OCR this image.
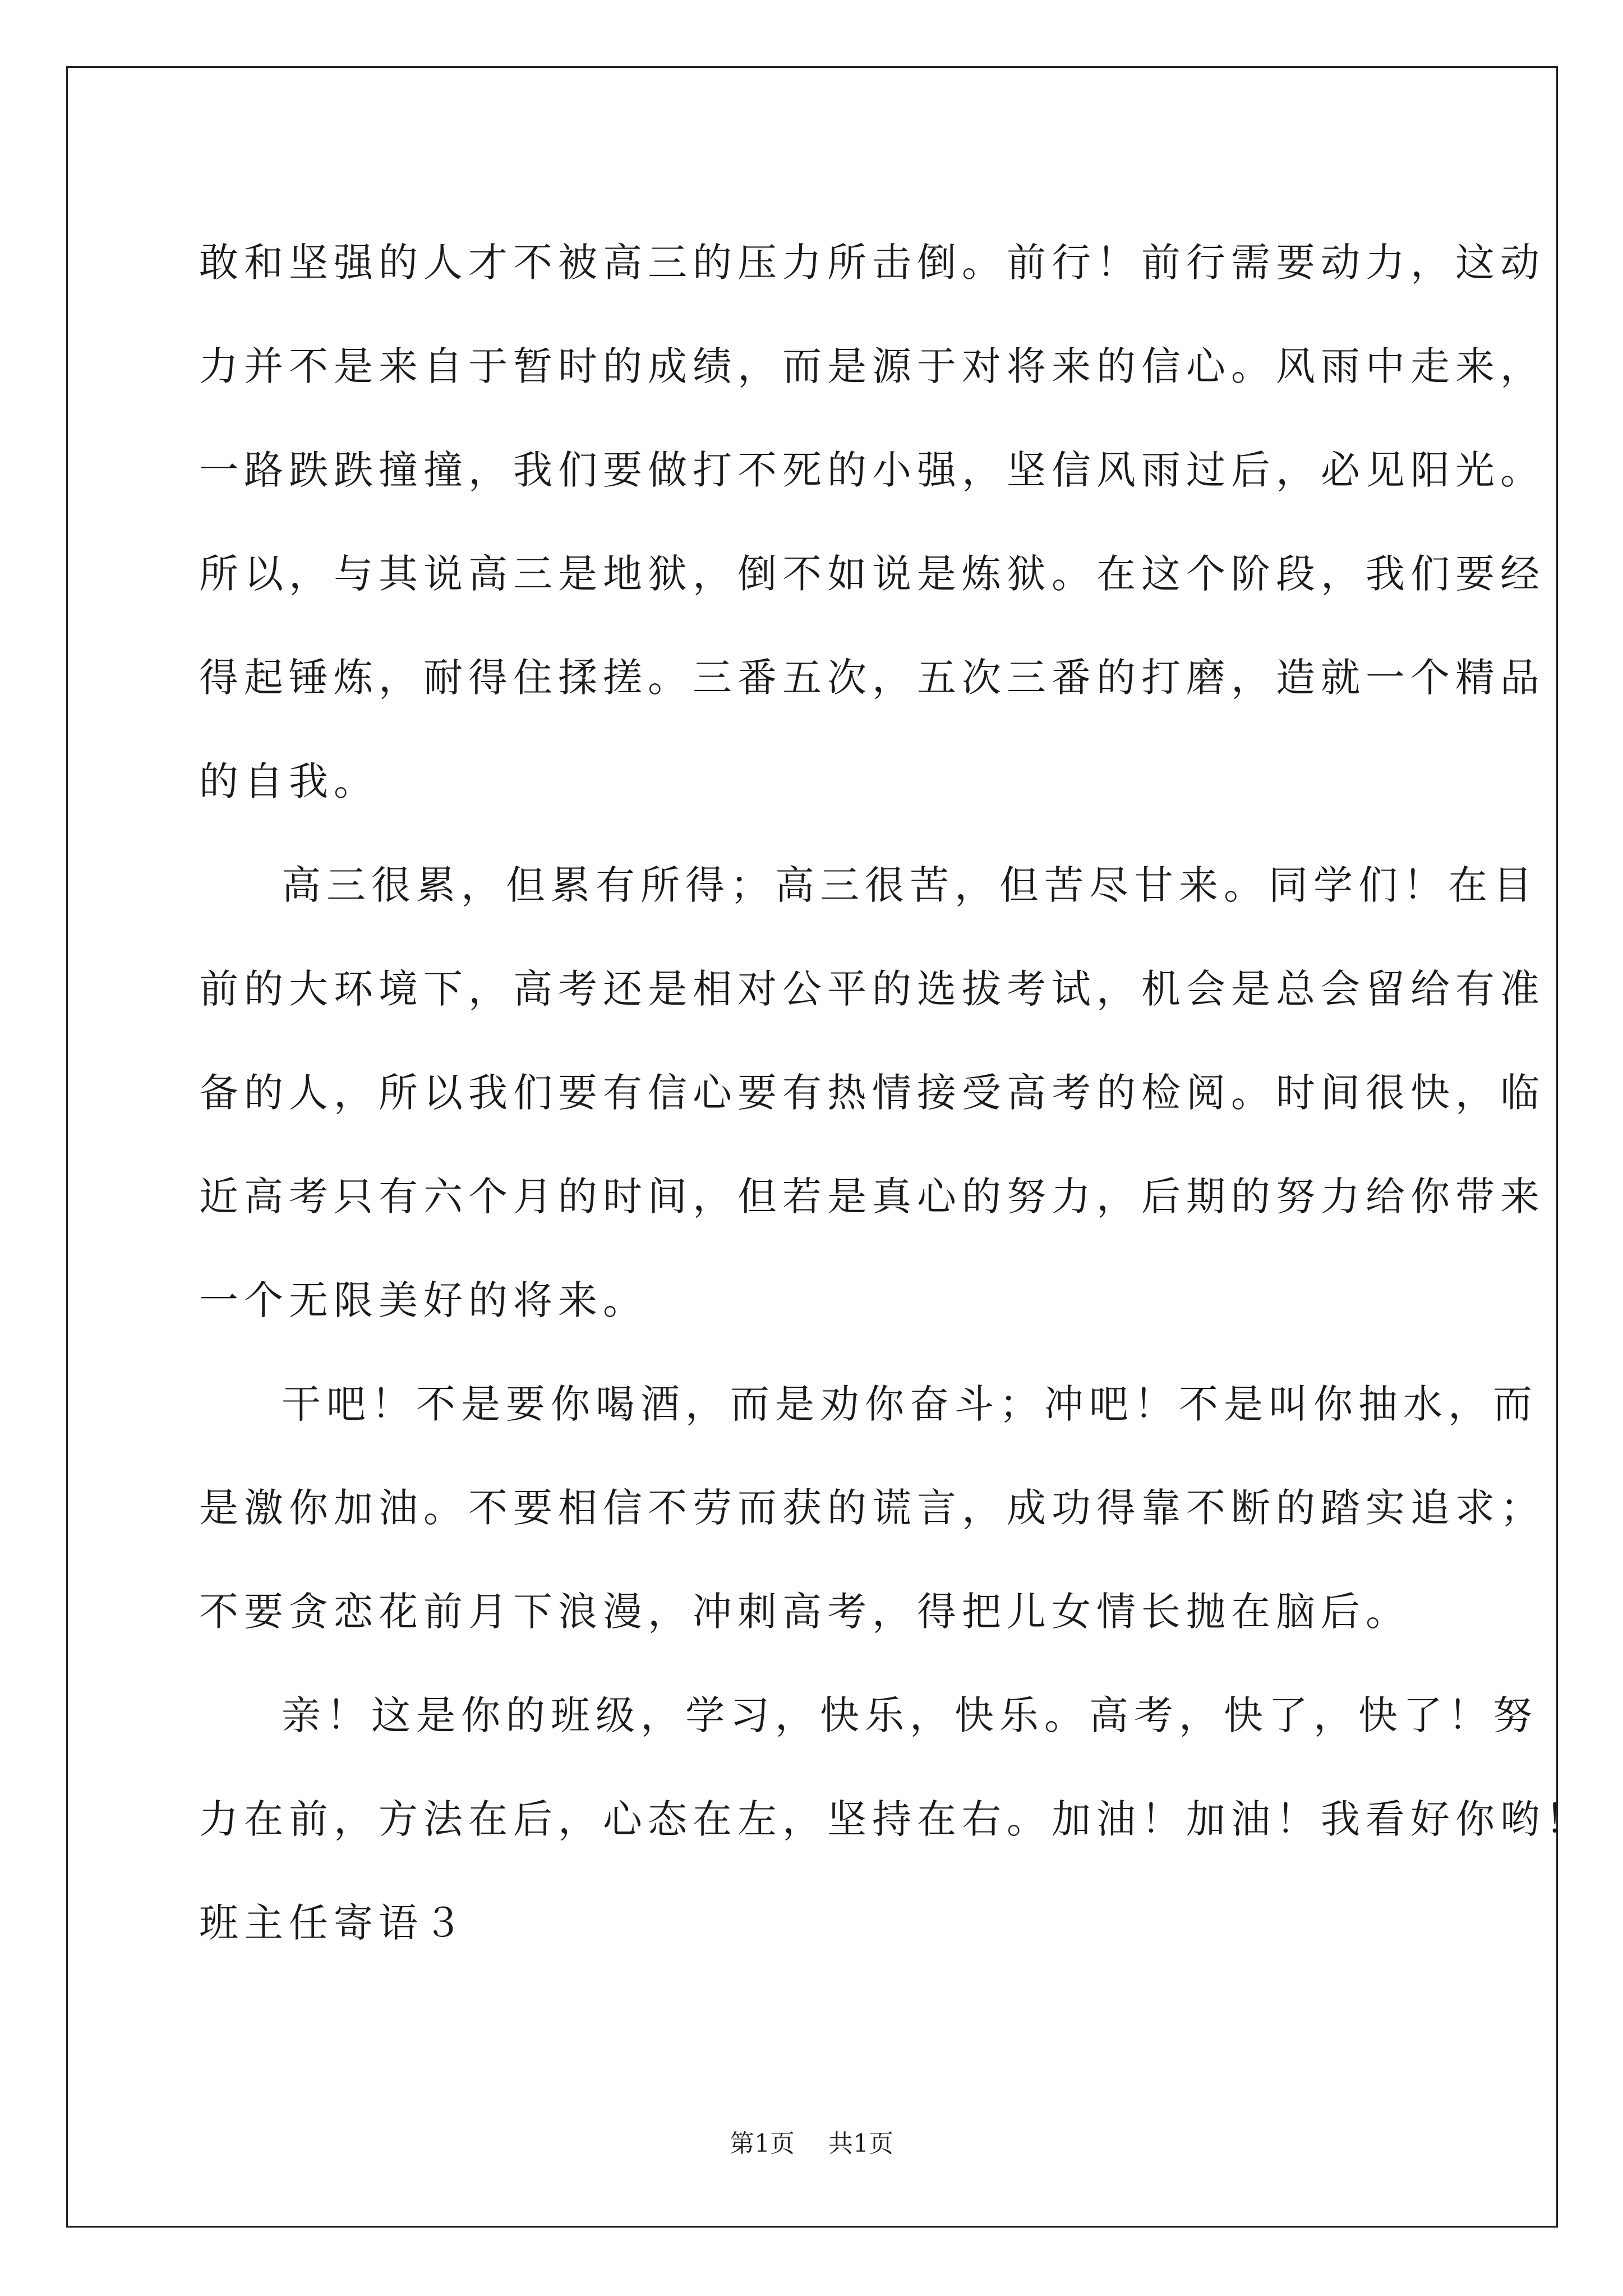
敢和坚强的人才不被高三的压力所击倒。前行！前行需要动力，这动
力并不是来自于暂时的成绩，而是源于对将来的信心。风雨中走来，
一路跌跌撞撞，我们要做打不死的小强，坚信风雨过后，必见阳光。
所以，与其说高三是地狱，倒不如说是炼狱。在这个阶段，我们要经
得起锤炼，耐得住揉搓。三番五次，五次三番的打磨，造就一个精品
的自我。
高三很累，但累有所得；高三很苦，但苦尽甘来。同学们！在目
前的大环境下，高考还是相对公平的选拔考试，机会是总会留给有准
备的人，所以我们要有信心要有热情接受高考的检阅。时间很快，临
近高考只有六个月的时间，但若是真心的努力，后期的努力给你带来
一个无限美好的将来。
干吧！不是要你喝酒，而是劝你奋斗；冲吧！不是叫你抽水，而
是激你加油。不要相信不劳而获的谎言，成功得靠不断的踏实追求；
不要贪恋花前月下浪漫，冲刺高考，得把儿女情长抛在脑后。
亲！这是你的班级，学习，快乐，快乐。高考，快了，快了！努
力在前，方法在后，心态在左，坚持在右。加油！加油！我看好你哟！
班主任寄语３
第1页 共1页
